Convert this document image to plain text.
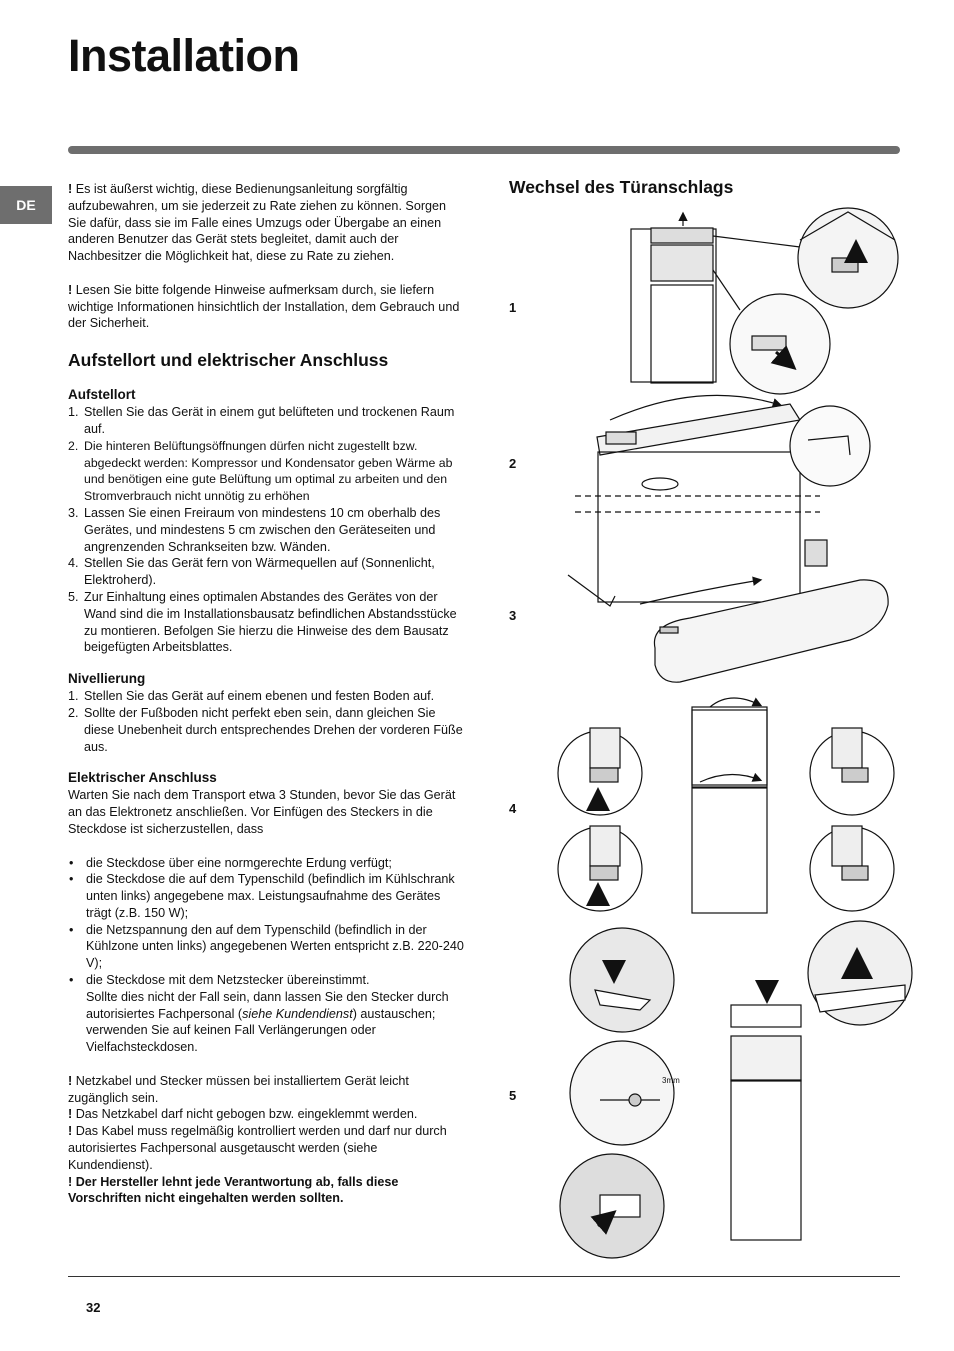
Installation
DE

! Es ist äußerst wichtig, diese Bedienungsanleitung sorgfältig aufzubewahren, um sie jederzeit zu Rate ziehen zu können. Sorgen Sie dafür, dass sie im Falle eines Umzugs oder Übergabe an einen anderen Benutzer das Gerät stets begleitet, damit auch der Nachbesitzer die Möglichkeit hat, diese zu Rate zu ziehen.

! Lesen Sie bitte folgende Hinweise aufmerksam durch, sie liefern wichtige Informationen hinsichtlich der Installation, dem Gebrauch und der Sicherheit.

Aufstellort und elektrischer Anschluss
Aufstellort
1. Stellen Sie das Gerät in einem gut belüfteten und trockenen Raum auf.
2. Die hinteren Belüftungsöffnungen dürfen nicht zugestellt bzw. abgedeckt werden: Kompressor und Kondensator geben Wärme ab und benötigen eine gute Belüftung um optimal zu arbeiten und den Stromverbrauch nicht unnötig zu erhöhen
3. Lassen Sie einen Freiraum von mindestens 10 cm oberhalb des Gerätes, und mindestens 5 cm zwischen den Geräteseiten und angrenzenden Schrankseiten bzw. Wänden.
4. Stellen Sie das Gerät fern von Wärmequellen auf (Sonnenlicht, Elektroherd).
5. Zur Einhaltung eines optimalen Abstandes des Gerätes von der Wand sind die im Installationsbausatz befindlichen Abstandsstücke zu montieren. Befolgen Sie hierzu die Hinweise des dem Bausatz beigefügten Arbeitsblattes.
Nivellierung
1. Stellen Sie das Gerät auf einem ebenen und festen Boden auf.
2. Sollte der Fußboden nicht perfekt eben sein, dann gleichen Sie diese Unebenheit durch entsprechendes Drehen der vorderen Füße aus.
Elektrischer Anschluss

Warten Sie nach dem Transport etwa 3 Stunden, bevor Sie das Gerät an das Elektronetz anschließen. Vor Einfügen des Steckers in die Steckdose ist sicherzustellen, dass

• die Steckdose über eine normgerechte Erdung verfügt;
• die Steckdose die auf dem Typenschild (befindlich im Kühlschrank unten links) angegebene max. Leistungsaufnahme des Gerätes trägt (z.B. 150 W);
• die Netzspannung den auf dem Typenschild (befindlich in der Kühlzone unten links) angegebenen Werten entspricht z.B. 220-240 V);
• die Steckdose mit dem Netzstecker übereinstimmt.
Sollte dies nicht der Fall sein, dann lassen Sie den Stecker durch autorisiertes Fachpersonal (siehe Kundendienst) austauschen; verwenden Sie auf keinen Fall Verlängerungen oder Vielfachsteckdosen.

! Netzkabel und Stecker müssen bei installiertem Gerät leicht zugänglich sein.

! Das Netzkabel darf nicht gebogen bzw. eingeklemmt werden.

! Das Kabel muss regelmäßig kontrolliert werden und darf nur durch autorisiertes Fachpersonal ausgetauscht werden (siehe Kundendienst).

! Der Hersteller lehnt jede Verantwortung ab, falls diese Vorschriften nicht eingehalten werden sollten.

Wechsel des Türanschlags
1
2
3
4
5
3mm
32
